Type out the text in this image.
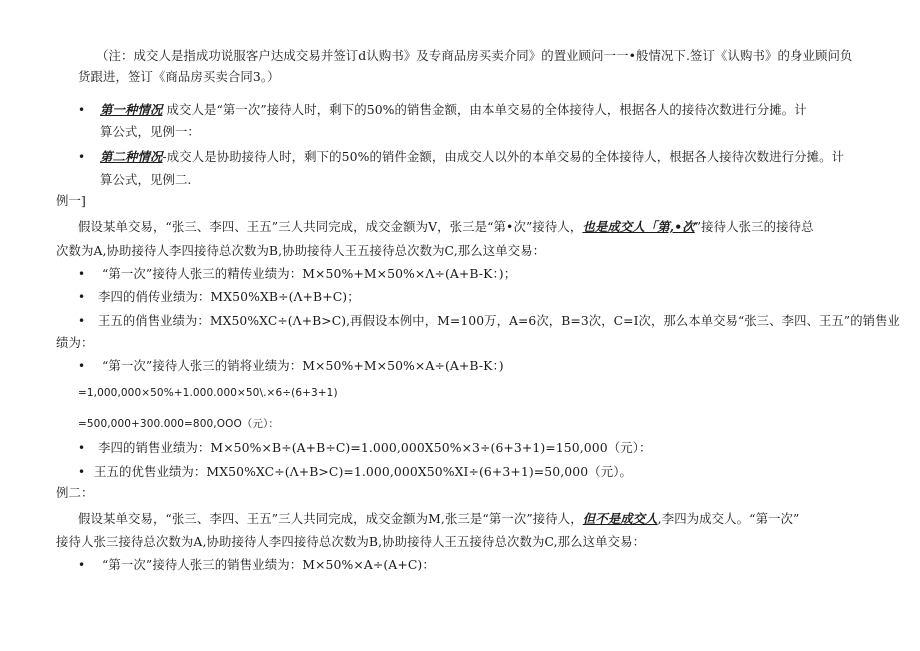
（注：成交人是指成功说服客户达成交易并签订d认购书》及专商品房买卖介同》的置业顾问一一•般情况下.签订《认购书》的身业顾问负
货跟进，签订《商品房买卖合同3。）
• 第一种情况 成交人是“第一次”接待人时，剩下的50%的销售金额，由本单交易的全体接待人，根据各人的接待次数进行分摊。计
算公式，见例一：
• 第二种情况-成交人是协助接待人时，剩下的50%的销件金额，由成交人以外的本单交易的全体接待人，根据各人接待次数进行分摊。计
算公式，见例二.
例一]
假设某单交易，“张三、李四、王五”三人共同完成，成交金额为V，张三是“第•次”接待人，也是成交人「第,•次”接待人张三的接待总
次数为A,协助接待人李四接待总次数为B,协助接待人王五接待总次数为C,那么这单交易：
• “第一次”接待人张三的精传业绩为：M×50%+M×50%×Λ÷(A+B-K：)；
• 李四的俏传业绩为：MX50%XB÷(Λ+B+C)；
• 王五的俏售业绩为：MX50%XC÷(Λ+B>C),再假设本例中，M=100万，A=6次，B=3次，C=I次，那么本单交易“张三、李四、王五”的销售业
绩为：
• “第一次”接待人张三的销将业绩为：M×50%+M×50%×A÷(A+B-K：)
=1,000,000×50%+1.000.000×50\.×6÷(6+3+1)
=500,000+300.000=800,OOO（元）：
• 李四的销售业绩为：M×50%×B÷(A+B÷C)=1.000,000X50%×3÷(6+3+1)=150,000（元）：
• 王五的优售业绩为：MX50%XC÷(Λ+B>C)=1.000,000X50%XI÷(6+3+1)=50,000（元）。
例二：
假设某单交易，“张三、李四、王五”三人共同完成，成交金额为M,张三是“第一次”接待人，但不是成交人,李四为成交人。“第一次”
接待人张三接待总次数为A,协助接待人李四接待总次数为B,协助接待人王五接待总次数为C,那么这单交易：
• “第一次”接待人张三的销售业绩为：M×50%×A÷(A+C)：
